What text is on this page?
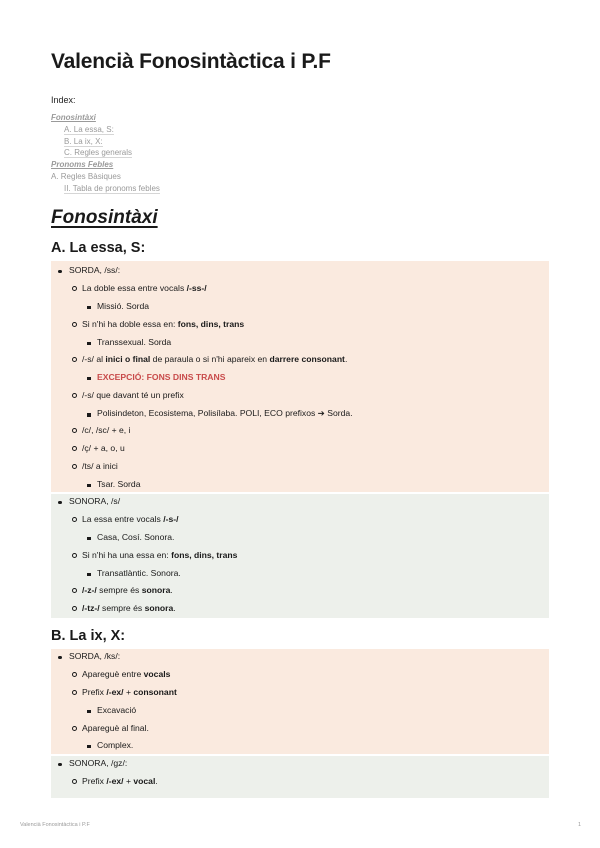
Valencià Fonosintàctica i P.F
Index:
Fonosintàxi
A. La essa, S:
B. La ix, X:
C. Regles generals
Pronoms Febles
A. Regles Bàsiques
II. Tabla de pronoms febles
Fonosintàxi
A. La essa, S:
SORDA, /ss/:
La doble essa entre vocals /-ss-/
Missió. Sorda
Si n'hi ha doble essa en: fons, dins, trans
Transsexual. Sorda
/-s/ al inici o final de paraula o si n'hi apareix en darrere consonant.
EXCEPCIÓ: FONS DINS TRANS
/-s/ que davant té un prefix
Polisindeton, Ecosistema, Polisílaba. POLI, ECO prefixos ➔ Sorda.
/c/, /sc/ + e, i
/ç/ + a, o, u
/ts/ a inici
Tsar. Sorda
SONORA, /s/
La essa entre vocals /-s-/
Casa, Cosí. Sonora.
Si n'hi ha una essa en: fons, dins, trans
Transatlàntic. Sonora.
/-z-/ sempre és sonora.
/-tz-/ sempre és sonora.
B. La ix, X:
SORDA, /ks/:
Apareguè entre vocals
Prefix /-ex/ + consonant
Excavació
Apareguè al final.
Complex.
SONORA, /gz/:
Prefix /-ex/ + vocal.
Valencià Fonosintàctica i P.F	1
